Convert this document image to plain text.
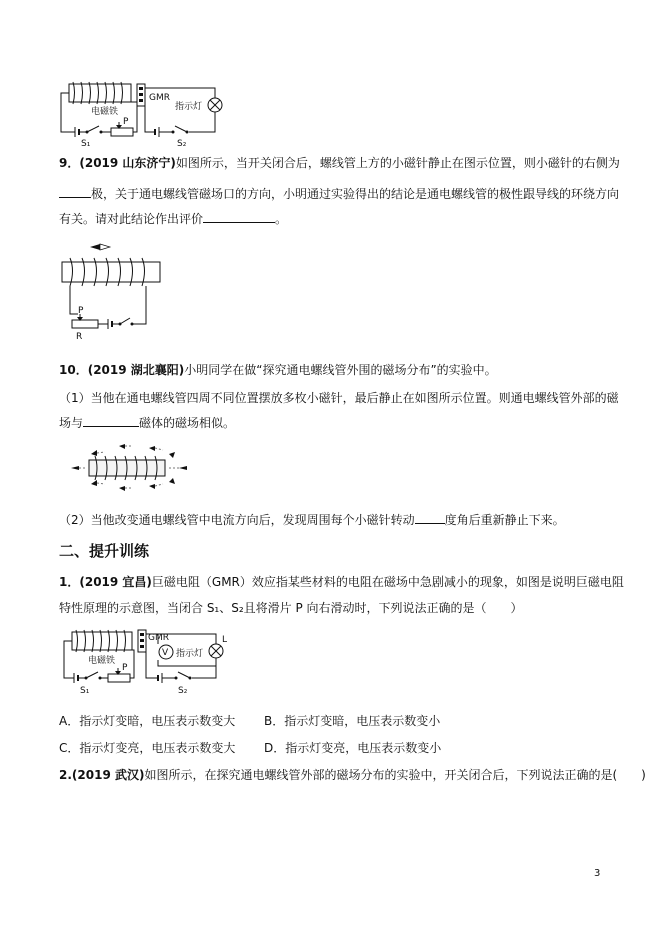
GMR
电磁铁
P
S₁
指示灯
S₂
9．(2019 山东济宁)如图所示，当开关闭合后，螺线管上方的小磁针静止在图示位置，则小磁针的右侧为
极，关于通电螺线管磁场口的方向，小明通过实验得出的结论是通电螺线管的极性跟导线的环绕方向
有关。请对此结论作出评价	。
P
R
10．(2019 湖北襄阳)小明同学在做“探究通电螺线管外围的磁场分布”的实验中。
（1）当他在通电螺线管四周不同位置摆放多枚小磁针，最后静止在如图所示位置。则通电螺线管外部的磁
场与	磁体的磁场相似。
（2）当他改变通电螺线管中电流方向后，发现周围每个小磁针转动	度角后重新静止下来。
二、提升训练
1．(2019 宜昌)巨磁电阻（GMR）效应指某些材料的电阻在磁场中急剧减小的现象，如图是说明巨磁电阻
特性原理的示意图，当闭合 S₁、S₂且将滑片 P 向右滑动时，下列说法正确的是（　　）
电磁铁
GMR
P
S₁
V 指示灯
L
S₂
A．指示灯变暗，电压表示数变大 B．指示灯变暗，电压表示数变小
C．指示灯变亮，电压表示数变大 D．指示灯变亮，电压表示数变小
2.(2019 武汉)如图所示，在探究通电螺线管外部的磁场分布的实验中，开关闭合后，下列说法正确的是(　　)
3
